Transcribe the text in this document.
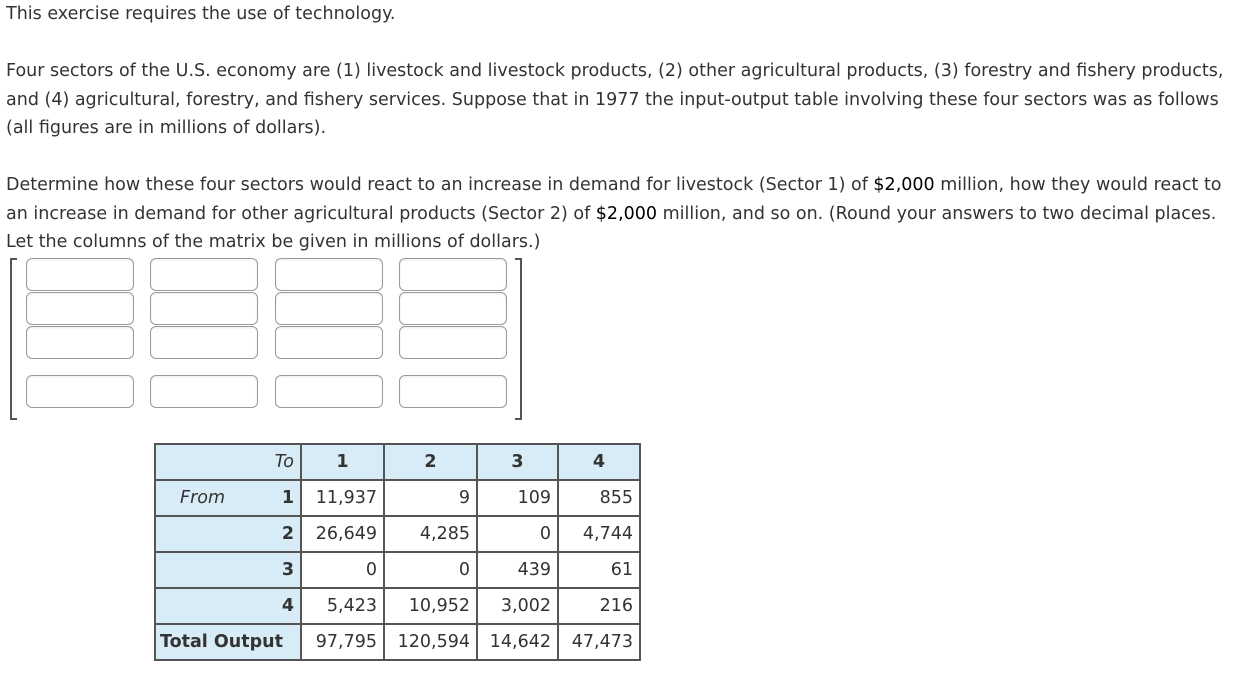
This exercise requires the use of technology.

Four sectors of the U.S. economy are (1) livestock and livestock products, (2) other agricultural products, (3) forestry and fishery products, and (4) agricultural, forestry, and fishery services. Suppose that in 1977 the input-output table involving these four sectors was as follows (all figures are in millions of dollars).

Determine how these four sectors would react to an increase in demand for livestock (Sector 1) of $2,000 million, how they would react to an increase in demand for other agricultural products (Sector 2) of $2,000 million, and so on. (Round your answers to two decimal places. Let the columns of the matrix be given in millions of dollars.)

To	1	2	3	4
From 1	11,937	9	109	855

2	26,649	4,285	0	4,744

3	0	0	439	61

4	5,423	10,952	3,002	216
Total Output	97,795	120,594	14,642	47,473
